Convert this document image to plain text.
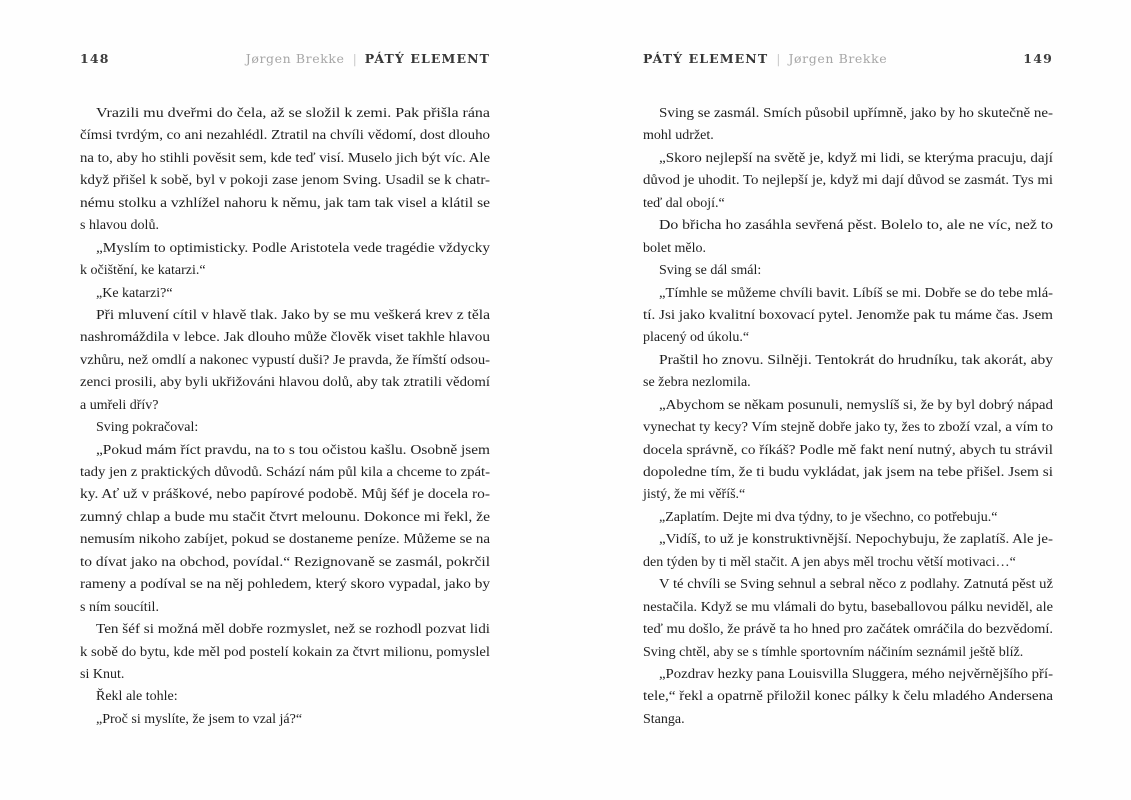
148	Jørgen Brekke | PÁTÝ ELEMENT
Vrazili mu dveřmi do čela, až se složil k zemi. Pak přišla rána
čímsi tvrdým, co ani nezahlédl. Ztratil na chvíli vědomí, dost dlouho
na to, aby ho stihli pověsit sem, kde teď visí. Muselo jich být víc. Ale
když přišel k sobě, byl v pokoji zase jenom Sving. Usadil se k chatr-
nému stolku a vzhlížel nahoru k němu, jak tam tak visel a klátil se
s hlavou dolů.
„Myslím to optimisticky. Podle Aristotela vede tragédie vždycky
k očištění, ke katarzi.“
„Ke katarzi?“
Při mluvení cítil v hlavě tlak. Jako by se mu veškerá krev z těla
nashromáždila v lebce. Jak dlouho může člověk viset takhle hlavou
vzhůru, než omdlí a nakonec vypustí duši? Je pravda, že římští odsou-
zenci prosili, aby byli ukřižováni hlavou dolů, aby tak ztratili vědomí
a umřeli dřív?
Sving pokračoval:
„Pokud mám říct pravdu, na to s tou očistou kašlu. Osobně jsem
tady jen z praktických důvodů. Schází nám půl kila a chceme to zpát-
ky. Ať už v práškové, nebo papírové podobě. Můj šéf je docela ro-
zumný chlap a bude mu stačit čtvrt melounu. Dokonce mi řekl, že
nemusím nikoho zabíjet, pokud se dostaneme peníze. Můžeme se na
to dívat jako na obchod, povídal.“ Rezignovaně se zasmál, pokrčil
rameny a podíval se na něj pohledem, který skoro vypadal, jako by
s ním soucítil.
Ten šéf si možná měl dobře rozmyslet, než se rozhodl pozvat lidi
k sobě do bytu, kde měl pod postelí kokain za čtvrt milionu, pomyslel
si Knut.
Řekl ale tohle:
„Proč si myslíte, že jsem to vzal já?“
PÁTÝ ELEMENT | Jørgen Brekke	149
Sving se zasmál. Smích působil upřímně, jako by ho skutečně ne-
mohl udržet.
„Skoro nejlepší na světě je, když mi lidi, se kterýma pracuju, dají
důvod je uhodit. To nejlepší je, když mi dají důvod se zasmát. Tys mi
teď dal obojí.“
Do břicha ho zasáhla sevřená pěst. Bolelo to, ale ne víc, než to
bolet mělo.
Sving se dál smál:
„Tímhle se můžeme chvíli bavit. Líbíš se mi. Dobře se do tebe mlá-
tí. Jsi jako kvalitní boxovací pytel. Jenomže pak tu máme čas. Jsem
placený od úkolu.“
Praštil ho znovu. Silněji. Tentokrát do hrudníku, tak akorát, aby
se žebra nezlomila.
„Abychom se někam posunuli, nemyslíš si, že by byl dobrý nápad
vynechat ty kecy? Vím stejně dobře jako ty, žes to zboží vzal, a vím to
docela správně, co říkáš? Podle mě fakt není nutný, abych tu strávil
dopoledne tím, že ti budu vykládat, jak jsem na tebe přišel. Jsem si
jistý, že mi věříš.“
„Zaplatím. Dejte mi dva týdny, to je všechno, co potřebuju.“
„Vidíš, to už je konstruktivnější. Nepochybuju, že zaplatíš. Ale je-
den týden by ti měl stačit. A jen abys měl trochu větší motivaci…“
V té chvíli se Sving sehnul a sebral něco z podlahy. Zatnutá pěst už
nestačila. Když se mu vlámali do bytu, baseballovou pálku neviděl, ale
teď mu došlo, že právě ta ho hned pro začátek omráčila do bezvědomí.
Sving chtěl, aby se s tímhle sportovním náčiním seznámil ještě blíž.
„Pozdrav hezky pana Louisvilla Sluggera, mého nejvěrnějšího pří-
tele,“ řekl a opatrně přiložil konec pálky k čelu mladého Andersena
Stanga.
